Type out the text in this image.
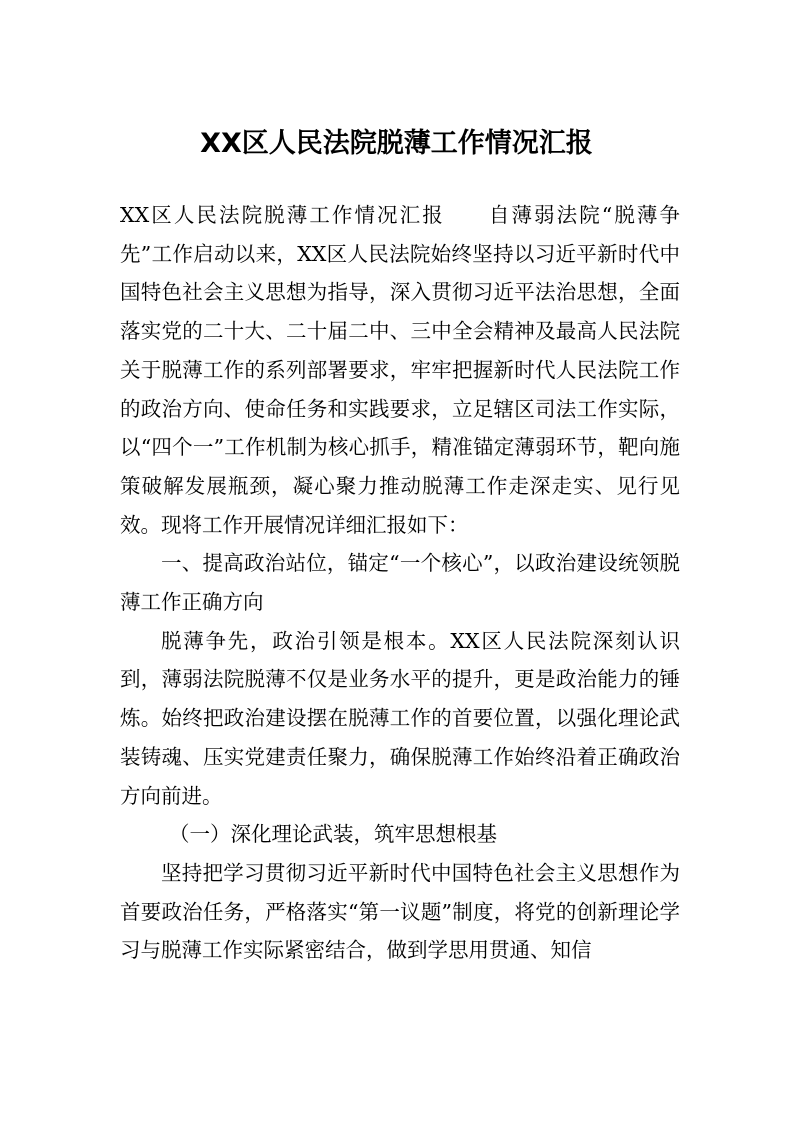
XX区人民法院脱薄工作情况汇报

XX区人民法院脱薄工作情况汇报 自薄弱法院“脱薄争先”工作启动以来，XX区人民法院始终坚持以习近平新时代中国特色社会主义思想为指导，深入贯彻习近平法治思想，全面落实党的二十大、二十届二中、三中全会精神及最高人民法院关于脱薄工作的系列部署要求，牢牢把握新时代人民法院工作的政治方向、使命任务和实践要求，立足辖区司法工作实际，以“四个一”工作机制为核心抓手，精准锚定薄弱环节，靶向施策破解发展瓶颈，凝心聚力推动脱薄工作走深走实、见行见效。现将工作开展情况详细汇报如下：

一、提高政治站位，锚定“一个核心”，以政治建设统领脱薄工作正确方向

脱薄争先，政治引领是根本。XX区人民法院深刻认识到，薄弱法院脱薄不仅是业务水平的提升，更是政治能力的锤炼。始终把政治建设摆在脱薄工作的首要位置，以强化理论武装铸魂、压实党建责任聚力，确保脱薄工作始终沿着正确政治方向前进。

（一）深化理论武装，筑牢思想根基

坚持把学习贯彻习近平新时代中国特色社会主义思想作为首要政治任务，严格落实“第一议题”制度，将党的创新理论学习与脱薄工作实际紧密结合，做到学思用贯通、知信
